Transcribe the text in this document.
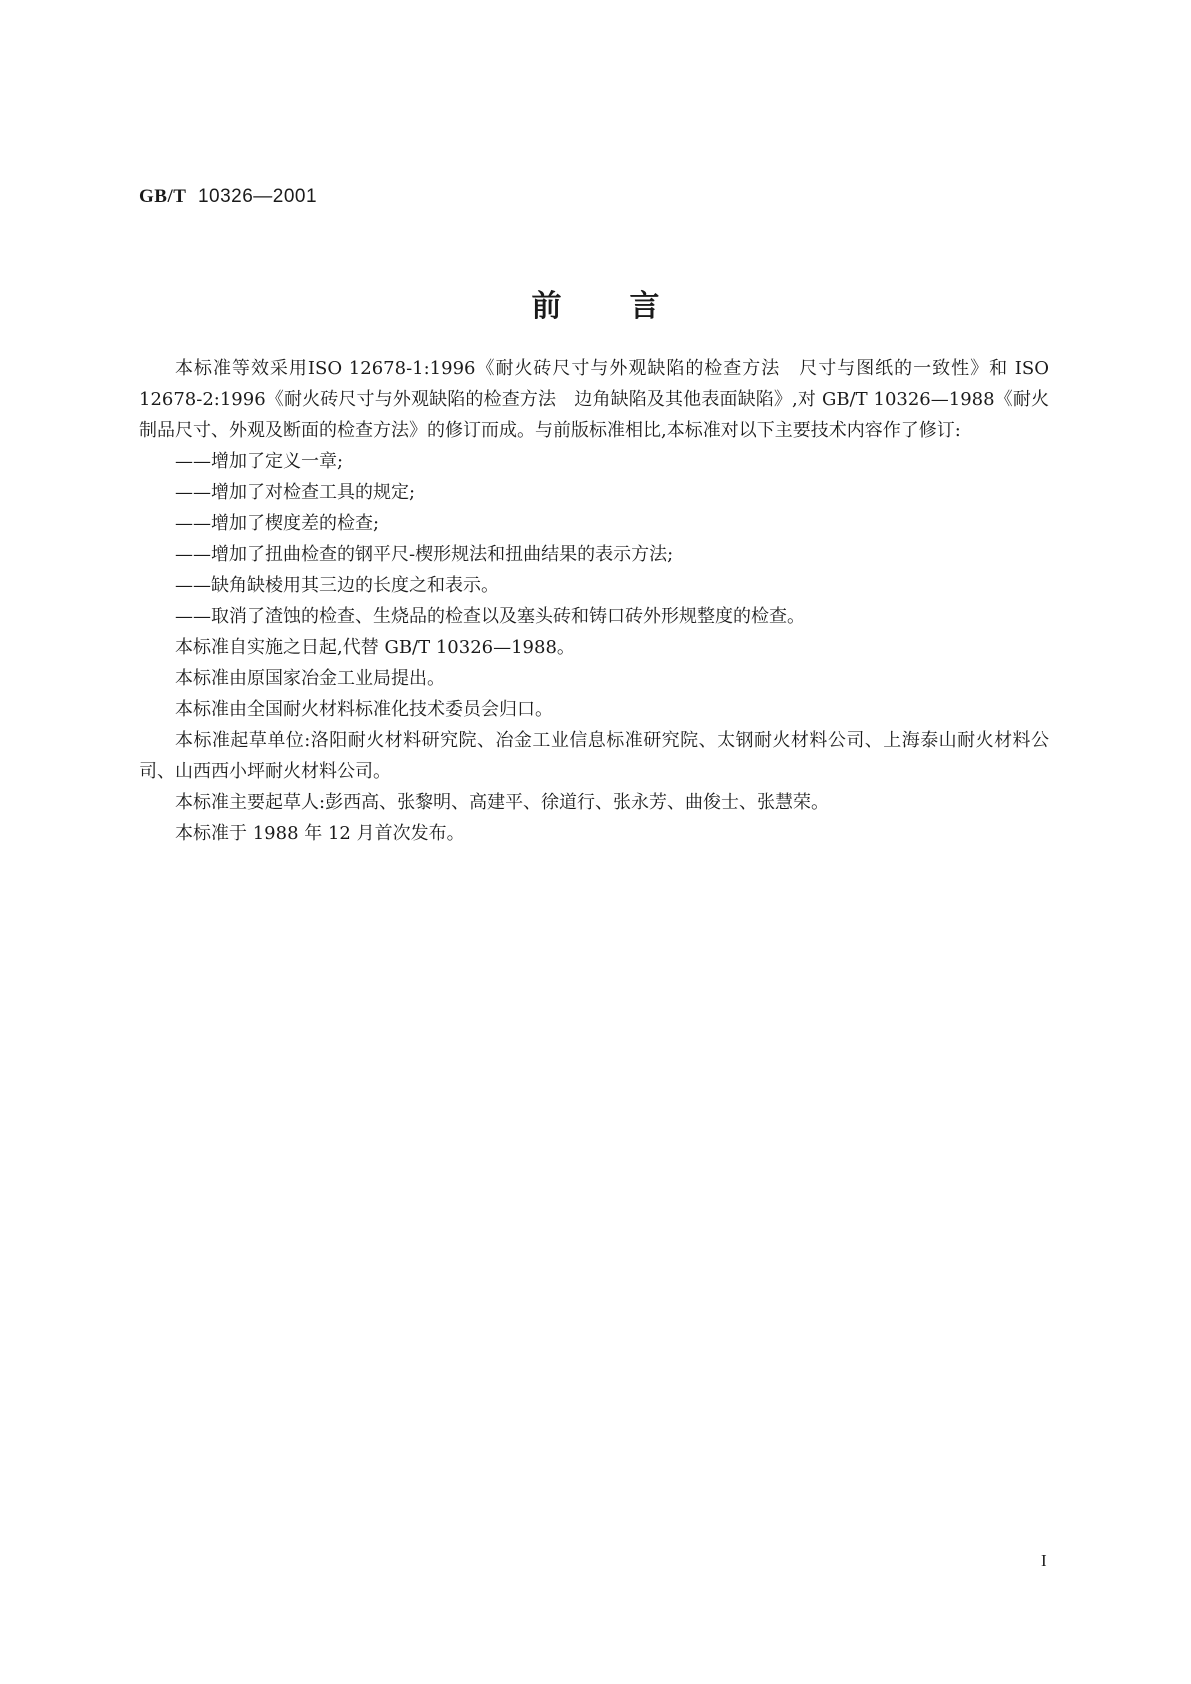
GB/T 10326—2001
前言

本标准等效采用ISO 12678-1:1996《耐火砖尺寸与外观缺陷的检查方法　尺寸与图纸的一致性》和 ISO 12678-2:1996《耐火砖尺寸与外观缺陷的检查方法　边角缺陷及其他表面缺陷》,对 GB/T 10326—1988《耐火制品尺寸、外观及断面的检查方法》的修订而成。与前版标准相比,本标准对以下主要技术内容作了修订:

——增加了定义一章;

——增加了对检查工具的规定;

——增加了楔度差的检查;

——增加了扭曲检查的钢平尺-楔形规法和扭曲结果的表示方法;

——缺角缺棱用其三边的长度之和表示。

——取消了渣蚀的检查、生烧品的检查以及塞头砖和铸口砖外形规整度的检查。

本标准自实施之日起,代替 GB/T 10326—1988。

本标准由原国家冶金工业局提出。

本标准由全国耐火材料标准化技术委员会归口。

本标准起草单位:洛阳耐火材料研究院、冶金工业信息标准研究院、太钢耐火材料公司、上海泰山耐火材料公司、山西西小坪耐火材料公司。

本标准主要起草人:彭西高、张黎明、高建平、徐道行、张永芳、曲俊士、张慧荣。

本标准于 1988 年 12 月首次发布。

I
